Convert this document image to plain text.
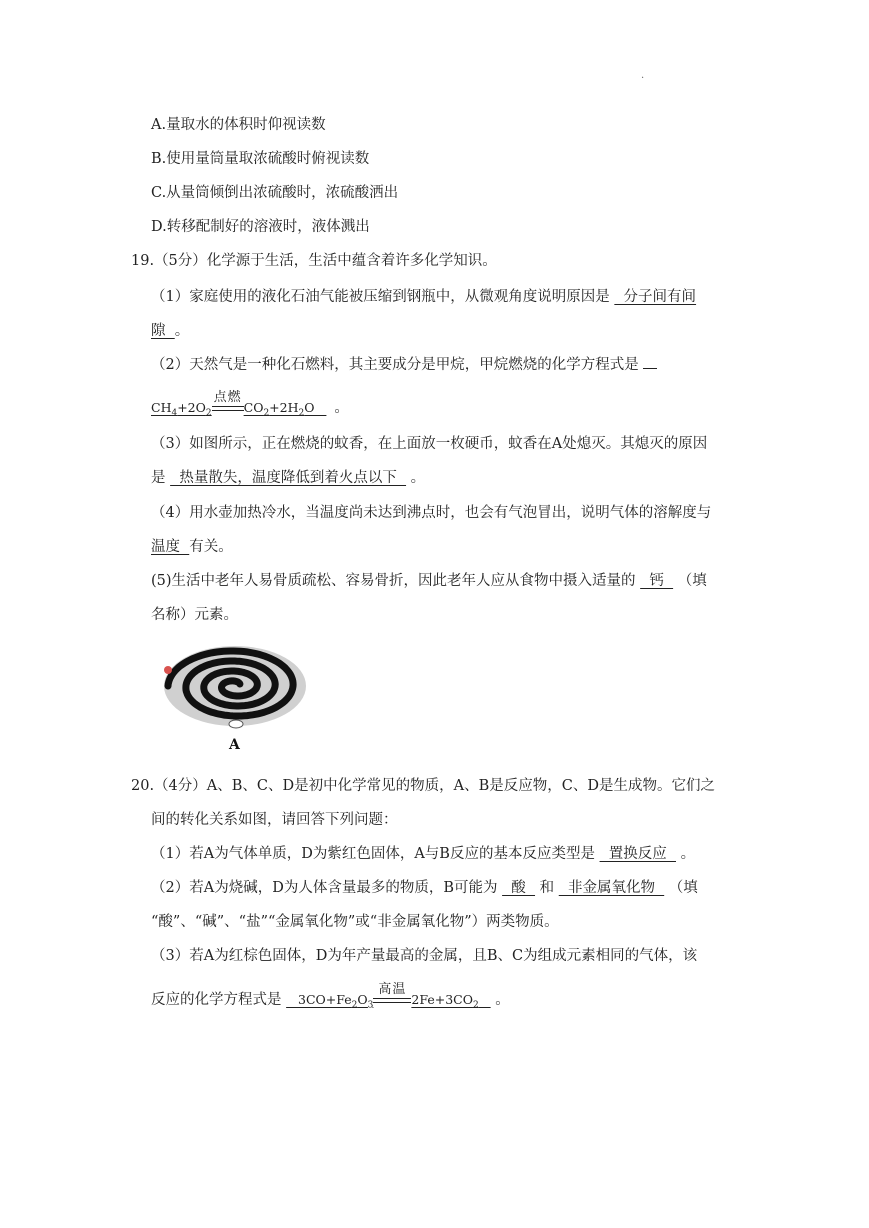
.
A.量取水的体积时仰视读数
B.使用量筒量取浓硫酸时俯视读数
C.从量筒倾倒出浓硫酸时，浓硫酸洒出
D.转移配制好的溶液时，液体溅出
19.（5分）化学源于生活，生活中蕴含着许多化学知识。
（1）家庭使用的液化石油气能被压缩到钢瓶中，从微观角度说明原因是   分子间有间
隙  。
（2）天然气是一种化石燃料，其主要成分是甲烷，甲烷燃烧的化学方程式是
$CH_4+2O_2$
点燃
$CO_2+2H_2O$     。
（3）如图所示，正在燃烧的蚊香，在上面放一枚硬币，蚊香在A处熄灭。其熄灭的原因
是   热量散失，温度降低到着火点以下   。
（4）用水壶加热冷水，当温度尚未达到沸点时，也会有气泡冒出，说明气体的溶解度与
温度  有关。
(5)生活中老年人易骨质疏松、容易骨折，因此老年人应从食物中摄入适量的   钙   （填
名称）元素。
A
20.（4分）A、B、C、D是初中化学常见的物质，A、B是反应物，C、D是生成物。它们之
间的转化关系如图，请回答下列问题：
（1）若A为气体单质，D为紫红色固体，A与B反应的基本反应类型是   置换反应   。
（2）若A为烧碱，D为人体含量最多的物质，B可能为   酸   和   非金属氧化物   （填
“酸”、“碱”、“盐”“金属氧化物”或“非金属氧化物”）两类物质。
（3）若A为红棕色固体，D为年产量最高的金属，且B、C为组成元素相同的气体，该
反应的化学方程式是    $3CO+Fe_2O_3$
高温
$2Fe+3CO_2$ 。
